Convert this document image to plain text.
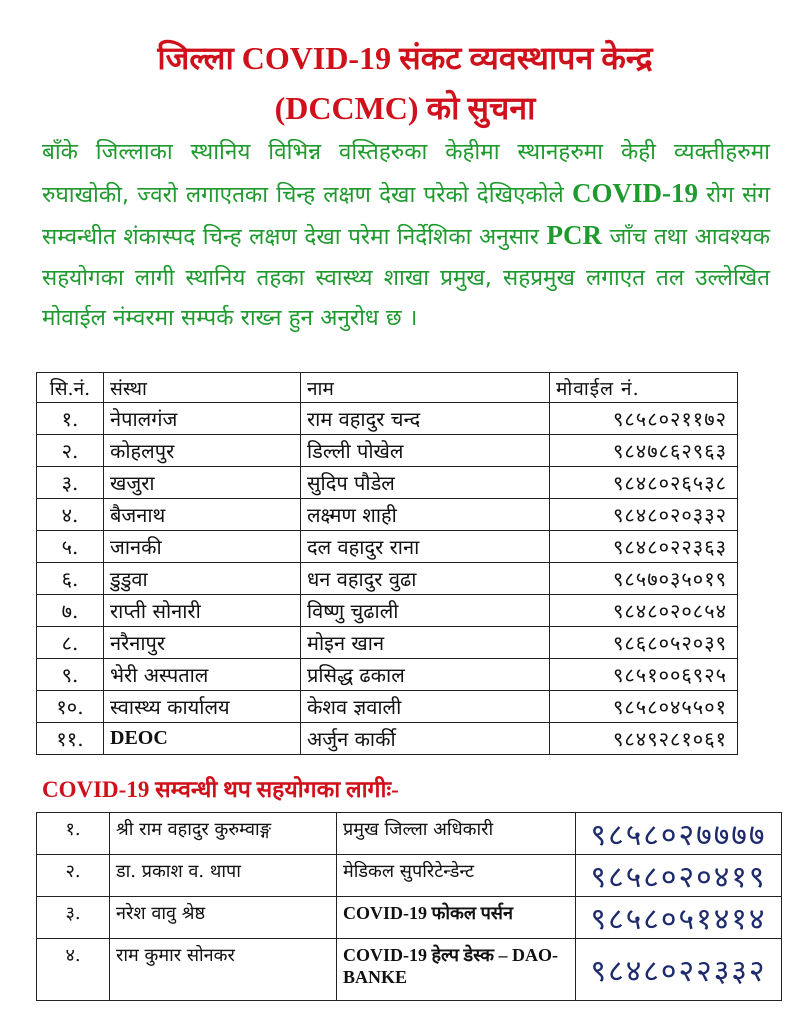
जिल्ला COVID-19 संकट व्यवस्थापन केन्द्र
(DCCMC) को सुचना
बाँके जिल्लाका स्थानिय विभिन्न वस्तिहरुका केहीमा स्थानहरुमा केही व्यक्तीहरुमा रुघाखोकी, ज्वरो लगाएतका चिन्ह लक्षण देखा परेको देखिएकोले COVID-19 रोग संग सम्वन्धीत शंकास्पद चिन्ह लक्षण देखा परेमा निर्देशिका अनुसार PCR जाँच तथा आवश्यक सहयोगका लागी स्थानिय तहका स्वास्थ्य शाखा प्रमुख, सहप्रमुख लगाएत तल उल्लेखित मोवाईल नंम्वरमा सम्पर्क राख्न हुन अनुरोध छ ।
सि.नं.	संस्था	नाम	मोवाईल नं.
१.	नेपालगंज	राम वहादुर चन्द	९८५८०२११७२
२.	कोहलपुर	डिल्ली पोखेल	९८४७८६२९६३
३.	खजुरा	सुदिप पौडेल	९८४८०२६५३८
४.	बैजनाथ	लक्ष्मण शाही	९८४८०२०३३२
५.	जानकी	दल वहादुर राना	९८४८०२२३६३
६.	डुडुवा	धन वहादुर वुढा	९८५७०३५०१९
७.	राप्ती सोनारी	विष्णु चुढाली	९८४८०२०८५४
८.	नरैनापुर	मोइन खान	९८६८०५२०३९
९.	भेरी अस्पताल	प्रसिद्ध ढकाल	९८५१००६९२५
१०.	स्वास्थ्य कार्यालय	केशव ज्ञवाली	९८५८०४५५०१
११.	DEOC	अर्जुन कार्की	९८४९२८१०६१
COVID-19 सम्वन्धी थप सहयोगका लागीः-
१.	श्री राम वहादुर कुरुम्वाङ्ग	प्रमुख जिल्ला अधिकारी	९८५८०२७७७७
२.	डा. प्रकाश व. थापा	मेडिकल सुपरिटेन्डेन्ट	९८५८०२०४१९
३.	नरेश वावु श्रेष्ठ	COVID-19 फोकल पर्सन	९८५८०५१४१४
४.	राम कुमार सोनकर	COVID-19 हेल्प डेस्क – DAO-BANKE	९८४८०२२३३२
